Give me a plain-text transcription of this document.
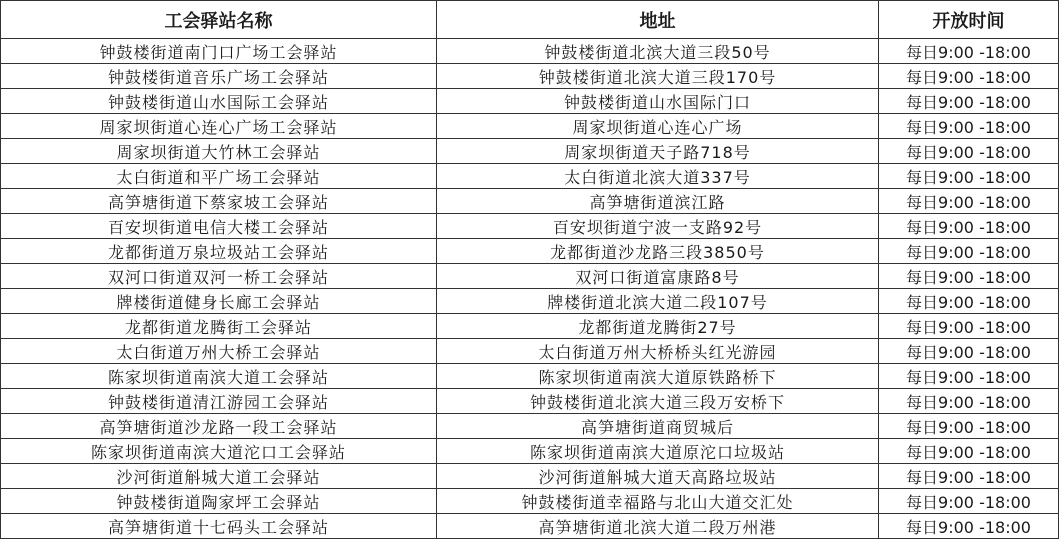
工会驿站名称	地址	开放时间
钟鼓楼街道南门口广场工会驿站	钟鼓楼街道北滨大道三段50号	每日9:00 -18:00
钟鼓楼街道音乐广场工会驿站	钟鼓楼街道北滨大道三段170号	每日9:00 -18:00
钟鼓楼街道山水国际工会驿站	钟鼓楼街道山水国际门口	每日9:00 -18:00
周家坝街道心连心广场工会驿站	周家坝街道心连心广场	每日9:00 -18:00
周家坝街道大竹林工会驿站	周家坝街道天子路718号	每日9:00 -18:00
太白街道和平广场工会驿站	太白街道北滨大道337号	每日9:00 -18:00
高笋塘街道下蔡家坡工会驿站	高笋塘街道滨江路	每日9:00 -18:00
百安坝街道电信大楼工会驿站	百安坝街道宁波一支路92号	每日9:00 -18:00
龙都街道万泉垃圾站工会驿站	龙都街道沙龙路三段3850号	每日9:00 -18:00
双河口街道双河一桥工会驿站	双河口街道富康路8号	每日9:00 -18:00
牌楼街道健身长廊工会驿站	牌楼街道北滨大道二段107号	每日9:00 -18:00
龙都街道龙腾街工会驿站	龙都街道龙腾街27号	每日9:00 -18:00
太白街道万州大桥工会驿站	太白街道万州大桥桥头红光游园	每日9:00 -18:00
陈家坝街道南滨大道工会驿站	陈家坝街道南滨大道原铁路桥下	每日9:00 -18:00
钟鼓楼街道清江游园工会驿站	钟鼓楼街道北滨大道三段万安桥下	每日9:00 -18:00
高笋塘街道沙龙路一段工会驿站	高笋塘街道商贸城后	每日9:00 -18:00
陈家坝街道南滨大道沱口工会驿站	陈家坝街道南滨大道原沱口垃圾站	每日9:00 -18:00
沙河街道斛城大道工会驿站	沙河街道斛城大道天高路垃圾站	每日9:00 -18:00
钟鼓楼街道陶家坪工会驿站	钟鼓楼街道幸福路与北山大道交汇处	每日9:00 -18:00
高笋塘街道十七码头工会驿站	高笋塘街道北滨大道二段万州港	每日9:00 -18:00
